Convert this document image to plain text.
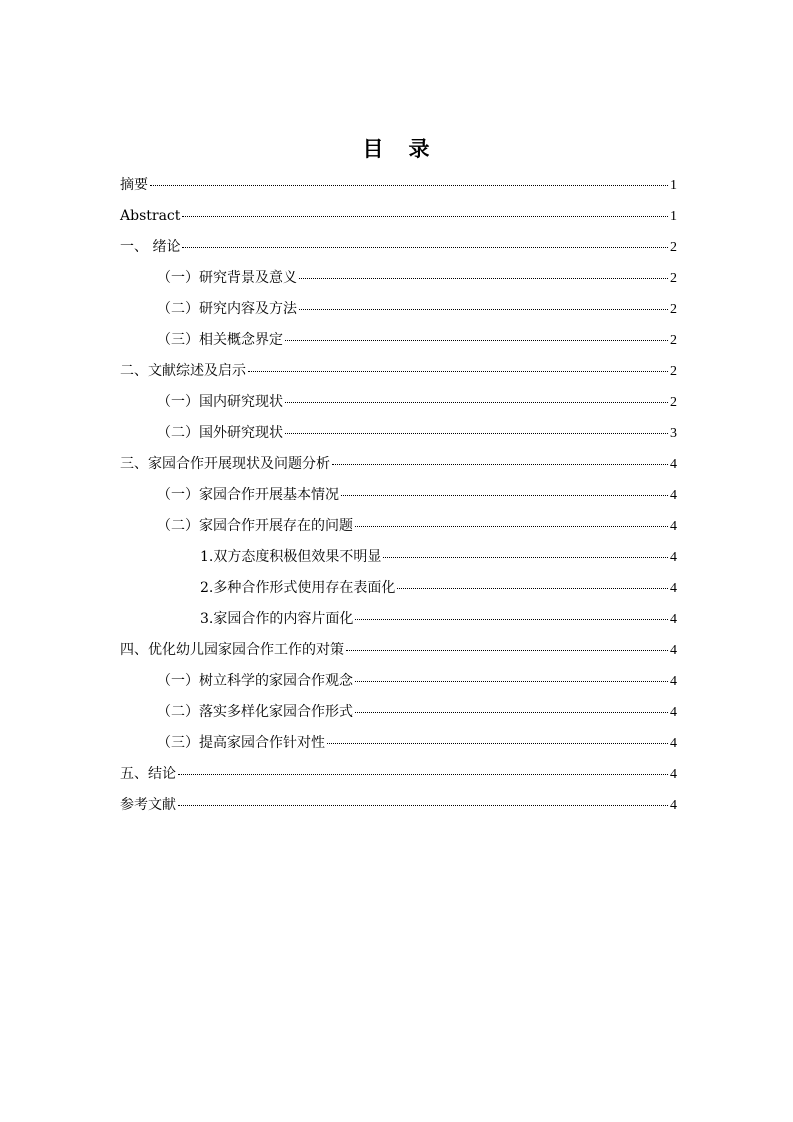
目 录
摘要	1
Abstract	1
一、 绪论	2
（一）研究背景及意义	2
（二）研究内容及方法	2
（三）相关概念界定	2
二、文献综述及启示	2
（一）国内研究现状	2
（二）国外研究现状	3
三、家园合作开展现状及问题分析	4
（一）家园合作开展基本情况	4
（二）家园合作开展存在的问题	4
1.双方态度积极但效果不明显	4
2.多种合作形式使用存在表面化	4
3.家园合作的内容片面化	4
四、优化幼儿园家园合作工作的对策	4
（一）树立科学的家园合作观念	4
（二）落实多样化家园合作形式	4
（三）提高家园合作针对性	4
五、结论	4
参考文献	4
